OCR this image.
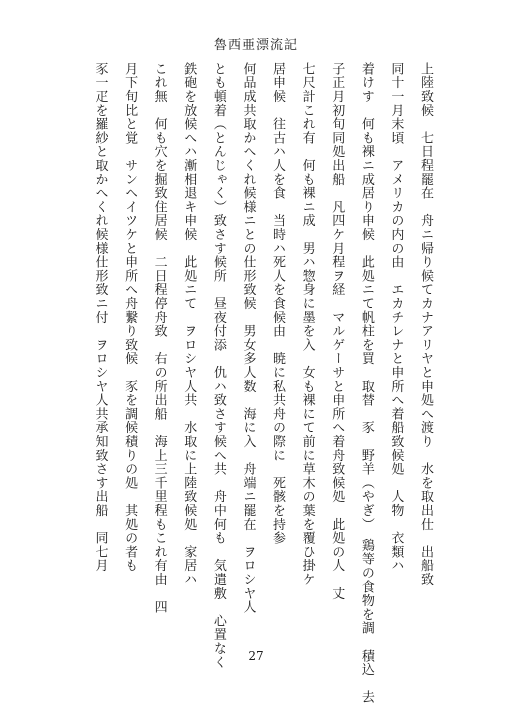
魯西亜漂流記
上陸致候　七日程罷在　舟ニ帰り候てカナアリヤと申処へ渡り　水を取出仕　出船致
同十一月末頃　アメリカの内の由　エカチレナと申所へ着船致候処　人物　衣類ハ
着けす　何も裸ニ成居り申候　此処ニて帆柱を買　取替　豕　野羊（やぎ）　鶏等の食物を調　積込　去
子正月初旬同処出船　凡四ケ月程ヲ経　マルゲーサと申所へ着舟致候処　此処の人　丈
七尺計これ有　何も裸ニ成　男ハ惣身に墨を入　女も裸にて前に草木の葉を覆ひ掛ケ
居申候　往古ハ人を食　当時ハ死人を食候由　暁に私共舟の際に　死骸を持参
何品成共取かへくれ候様ニとの仕形致候　男女多人数　海に入　舟端ニ罷在　ヲロシヤ人
とも頓着（とんじゃく）致さす候所　昼夜付添　仇ハ致さす候へ共　舟中何も　気遣敷　心置なく
鉄砲を放候へハ漸相退キ申候　此処ニて　ヲロシヤ人共　水取に上陸致候処　家居ハ
これ無　何も穴を掘致住居候　二日程停舟致　右の所出船　海上三千里程もこれ有由　四
月下旬比と覚　サンヘイツケと申所へ舟繋り致候　豕を調候積りの処　其処の者も
豕一疋を羅紗と取かへくれ候様仕形致ニ付　ヲロシヤ人共承知致さす出船　同七月
27
